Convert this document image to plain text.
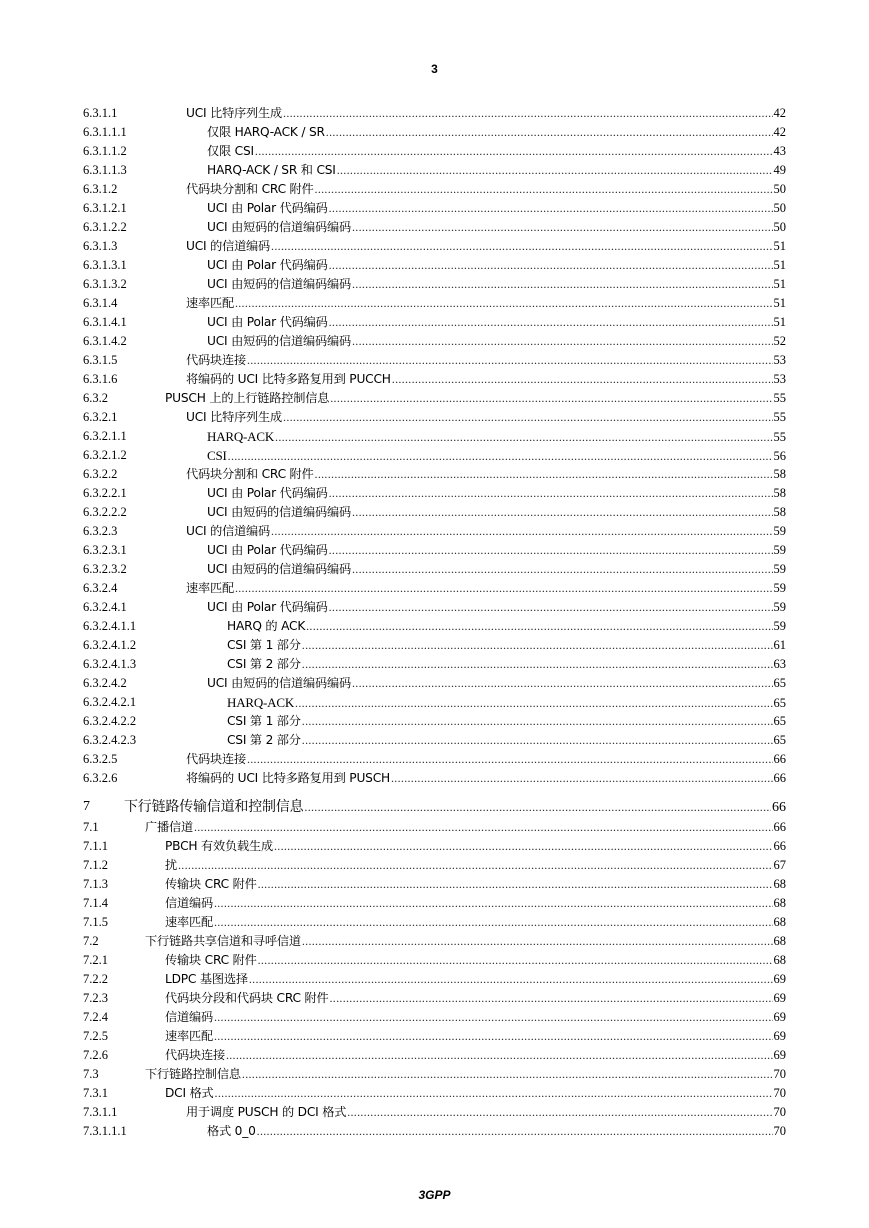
3
6.3.1.1	UCI 比特序列生成 .....	42
6.3.1.1.1	仅限 HARQ-ACK / SR .....	42
6.3.1.1.2	仅限 CSI .....	43
6.3.1.1.3	HARQ-ACK / SR 和 CSI .....	49
6.3.1.2	代码块分割和 CRC 附件 .....	50
6.3.1.2.1	UCI 由 Polar 代码编码 .....	50
6.3.1.2.2	UCI 由短码的信道编码编码 .....	50
6.3.1.3	UCI 的信道编码 .....	51
6.3.1.3.1	UCI 由 Polar 代码编码 .....	51
6.3.1.3.2	UCI 由短码的信道编码编码 .....	51
6.3.1.4	速率匹配 .....	51
6.3.1.4.1	UCI 由 Polar 代码编码 .....	51
6.3.1.4.2	UCI 由短码的信道编码编码 .....	52
6.3.1.5	代码块连接 .....	53
6.3.1.6	将编码的 UCI 比特多路复用到 PUCCH .....	53
6.3.2	PUSCH 上的上行链路控制信息 .....	55
6.3.2.1	UCI 比特序列生成 .....	55
6.3.2.1.1	HARQ-ACK .....	55
6.3.2.1.2	CSI .....	56
6.3.2.2	代码块分割和 CRC 附件 .....	58
6.3.2.2.1	UCI 由 Polar 代码编码 .....	58
6.3.2.2.2	UCI 由短码的信道编码编码 .....	58
6.3.2.3	UCI 的信道编码 .....	59
6.3.2.3.1	UCI 由 Polar 代码编码 .....	59
6.3.2.3.2	UCI 由短码的信道编码编码 .....	59
6.3.2.4	速率匹配 .....	59
6.3.2.4.1	UCI 由 Polar 代码编码 .....	59
6.3.2.4.1.1	HARQ 的 ACK .....	59
6.3.2.4.1.2	CSI 第 1 部分 .....	61
6.3.2.4.1.3	CSI 第 2 部分 .....	63
6.3.2.4.2	UCI 由短码的信道编码编码 .....	65
6.3.2.4.2.1	HARQ-ACK .....	65
6.3.2.4.2.2	CSI 第 1 部分 .....	65
6.3.2.4.2.3	CSI 第 2 部分 .....	65
6.3.2.5	代码块连接 .....	66
6.3.2.6	将编码的 UCI 比特多路复用到 PUSCH .....	66
7 下行链路传输信道和控制信息 .....	66
7.1	广播信道 .....	66
7.1.1	PBCH 有效负载生成 .....	66
7.1.2	扰 .....	67
7.1.3	传输块 CRC 附件 .....	68
7.1.4	信道编码 .....	68
7.1.5	速率匹配 .....	68
7.2	下行链路共享信道和寻呼信道 .....	68
7.2.1	传输块 CRC 附件 .....	68
7.2.2	LDPC 基图选择 .....	69
7.2.3	代码块分段和代码块 CRC 附件 .....	69
7.2.4	信道编码 .....	69
7.2.5	速率匹配 .....	69
7.2.6	代码块连接 .....	69
7.3	下行链路控制信息 .....	70
7.3.1	DCI 格式 .....	70
7.3.1.1	用于调度 PUSCH 的 DCI 格式 .....	70
7.3.1.1.1	格式 0_0 .....	70
3GPP
